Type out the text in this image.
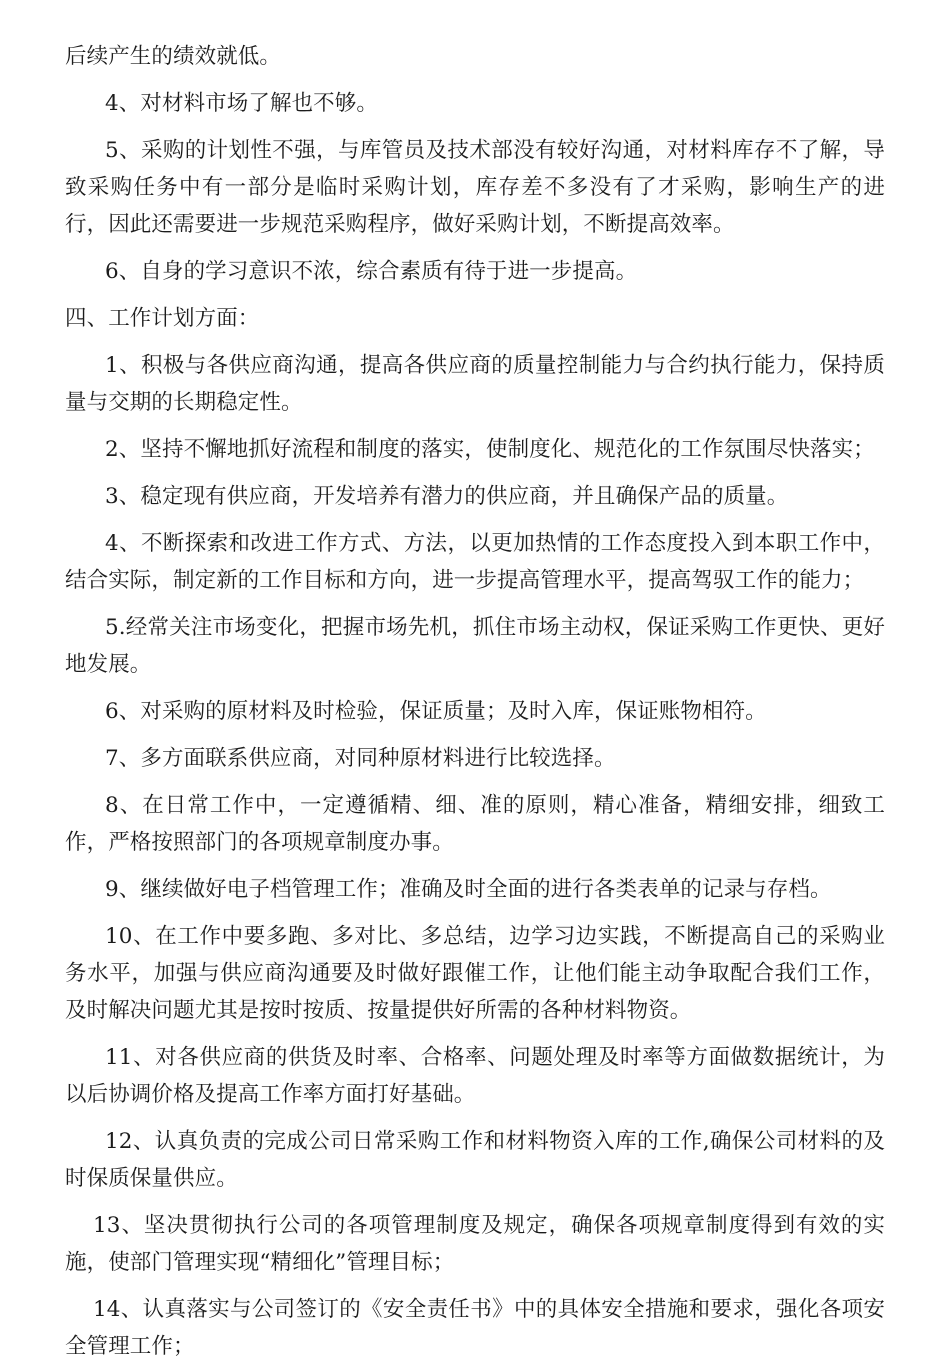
后续产生的绩效就低。

4、对材料市场了解也不够。

5、采购的计划性不强，与库管员及技术部没有较好沟通，对材料库存不了解，导致采购任务中有一部分是临时采购计划，库存差不多没有了才采购，影响生产的进行，因此还需要进一步规范采购程序，做好采购计划，不断提高效率。

6、自身的学习意识不浓，综合素质有待于进一步提高。

四、工作计划方面：

1、积极与各供应商沟通，提高各供应商的质量控制能力与合约执行能力，保持质量与交期的长期稳定性。

2、坚持不懈地抓好流程和制度的落实，使制度化、规范化的工作氛围尽快落实；

3、稳定现有供应商，开发培养有潜力的供应商，并且确保产品的质量。

4、不断探索和改进工作方式、方法，以更加热情的工作态度投入到本职工作中，结合实际，制定新的工作目标和方向，进一步提高管理水平，提高驾驭工作的能力；

5.经常关注市场变化，把握市场先机，抓住市场主动权，保证采购工作更快、更好地发展。

6、对采购的原材料及时检验，保证质量；及时入库，保证账物相符。

7、多方面联系供应商，对同种原材料进行比较选择。

8、在日常工作中，一定遵循精、细、准的原则，精心准备，精细安排，细致工作，严格按照部门的各项规章制度办事。

9、继续做好电子档管理工作；准确及时全面的进行各类表单的记录与存档。

10、在工作中要多跑、多对比、多总结，边学习边实践，不断提高自己的采购业务水平，加强与供应商沟通要及时做好跟催工作，让他们能主动争取配合我们工作，及时解决问题尤其是按时按质、按量提供好所需的各种材料物资。

11、对各供应商的供货及时率、合格率、问题处理及时率等方面做数据统计，为以后协调价格及提高工作率方面打好基础。

12、认真负责的完成公司日常采购工作和材料物资入库的工作,确保公司材料的及时保质保量供应。

13、坚决贯彻执行公司的各项管理制度及规定，确保各项规章制度得到有效的实施，使部门管理实现“精细化”管理目标；

14、认真落实与公司签订的《安全责任书》中的具体安全措施和要求，强化各项安全管理工作；
